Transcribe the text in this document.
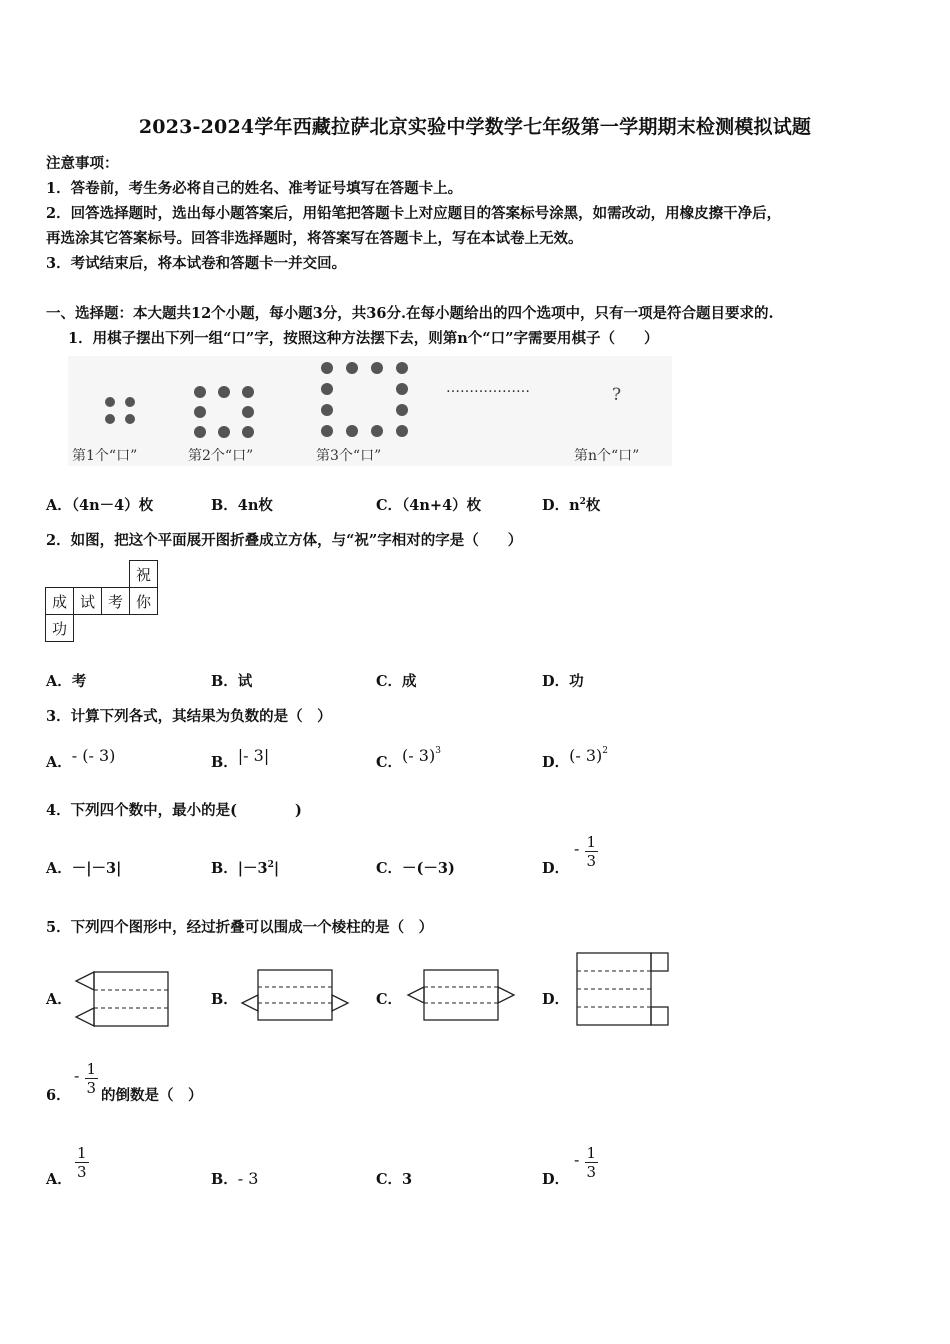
2023-2024学年西藏拉萨北京实验中学数学七年级第一学期期末检测模拟试题
注意事项：
1．答卷前，考生务必将自己的姓名、准考证号填写在答题卡上。
2．回答选择题时，选出每小题答案后，用铅笔把答题卡上对应题目的答案标号涂黑，如需改动，用橡皮擦干净后，
再选涂其它答案标号。回答非选择题时，将答案写在答题卡上，写在本试卷上无效。
3．考试结束后，将本试卷和答题卡一并交回。
一、选择题：本大题共12个小题，每小题3分，共36分.在每小题给出的四个选项中，只有一项是符合题目要求的.
1．用棋子摆出下列一组“口”字，按照这种方法摆下去，则第n个“口”字需要用棋子（　　）
………………	?
第1个“口”	第2个“口”	第3个“口”	第n个“口”
A．（4n－4）枚	B．4n枚	C．（4n+4）枚	D．$n^2$枚
2．如图，把这个平面展开图折叠成立方体，与“祝”字相对的字是（　　）
			祝
成	试	考	你
功			
A．考	B．试	C．成	D．功
3．计算下列各式，其结果为负数的是（　）
A．- (- 3)	B．|- 3|	C．(- 3)$^3$
D．(- 3)$^2$
4．下列四个数中，最小的是(　　　　)
A．－|－3|	B．$|-3^2|$	C．－(－3)	D．
- $\frac{1}{3}$
5．下列四个图形中，经过折叠可以围成一个棱柱的是（　）
A．	B．	C．	D．
6．
- $\frac{1}{3}$ 的倒数是（　）
A． $\frac{1}{3}$	B．- 3	C．3	D．
- $\frac{1}{3}$
